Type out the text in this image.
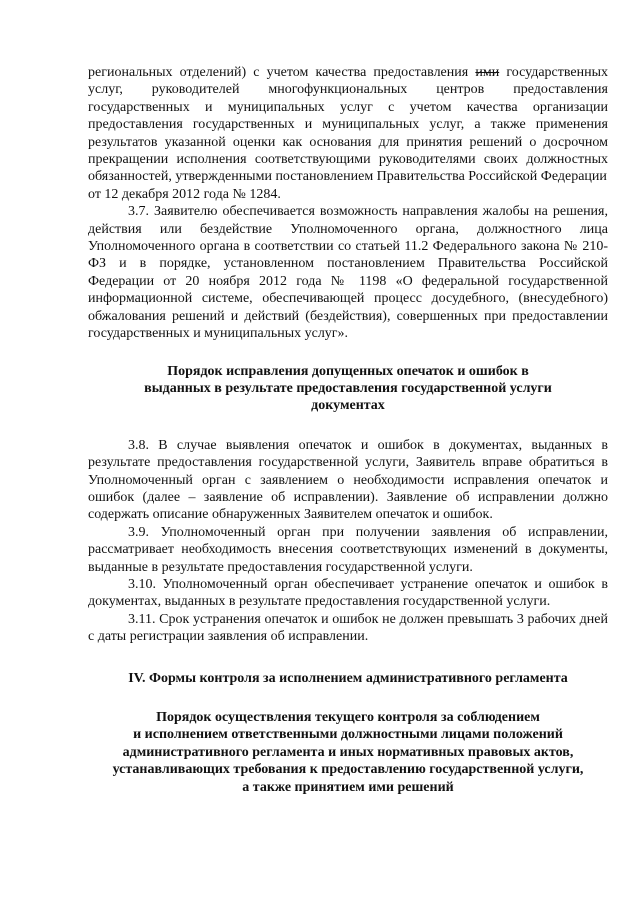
региональных отделений) с учетом качества предоставления ими государственных услуг, руководителей многофункциональных центров предоставления государственных и муниципальных услуг с учетом качества организации предоставления государственных и муниципальных услуг, а также применения результатов указанной оценки как основания для принятия решений о досрочном прекращении исполнения соответствующими руководителями своих должностных обязанностей, утвержденными постановлением Правительства Российской Федерации

от 12 декабря 2012 года № 1284.

3.7. Заявителю обеспечивается возможность направления жалобы на решения, действия или бездействие Уполномоченного органа, должностного лица Уполномоченного органа в соответствии со статьей 11.2 Федерального закона № 210-ФЗ и в порядке, установленном постановлением Правительства Российской Федерации от 20 ноября 2012 года № 1198 «О федеральной государственной информационной системе, обеспечивающей процесс досудебного, (внесудебного) обжалования решений и действий (бездействия), совершенных при предоставлении государственных и муниципальных услуг».

Порядок исправления допущенных опечаток и ошибок в

выданных в результате предоставления государственной услуги

документах

3.8. В случае выявления опечаток и ошибок в документах, выданных в результате предоставления государственной услуги, Заявитель вправе обратиться в Уполномоченный орган с заявлением о необходимости исправления опечаток и ошибок (далее – заявление об исправлении). Заявление об исправлении должно содержать описание обнаруженных Заявителем опечаток и ошибок.

3.9. Уполномоченный орган при получении заявления об исправлении, рассматривает необходимость внесения соответствующих изменений в документы, выданные в результате предоставления государственной услуги.

3.10. Уполномоченный орган обеспечивает устранение опечаток и ошибок в документах, выданных в результате предоставления государственной услуги.

3.11. Срок устранения опечаток и ошибок не должен превышать 3 рабочих дней с даты регистрации заявления об исправлении.

IV. Формы контроля за исполнением административного регламента

Порядок осуществления текущего контроля за соблюдением

и исполнением ответственными должностными лицами положений

административного регламента и иных нормативных правовых актов,

устанавливающих требования к предоставлению государственной услуги,

а также принятием ими решений
